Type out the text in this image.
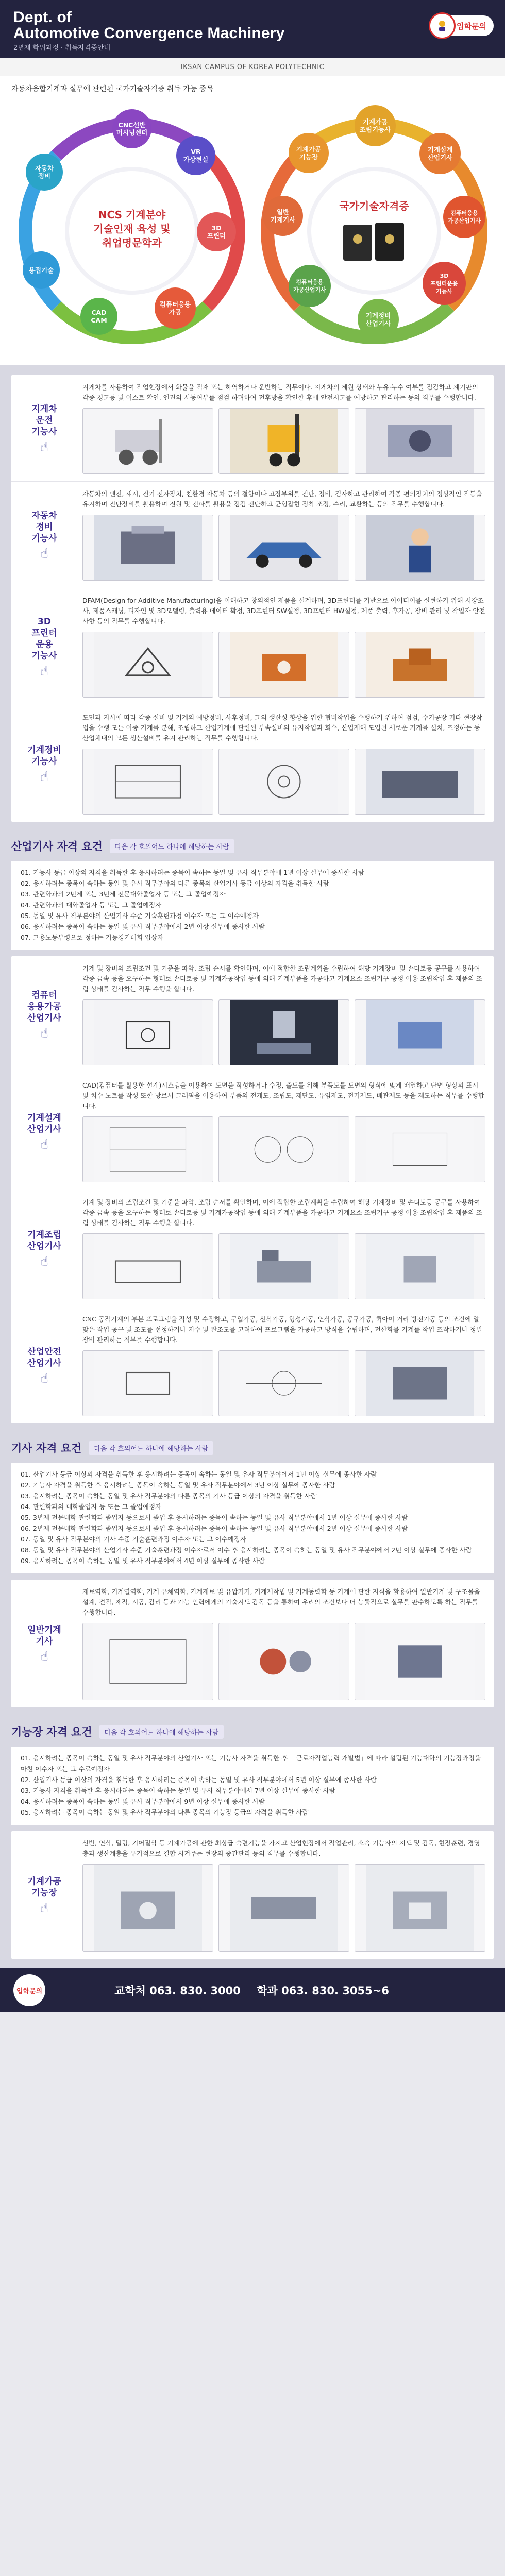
Dept. of
Automotive Convergence Machinery
2년제 학위과정 · 취득자격증안내
입학문의
IKSAN CAMPUS OF KOREA POLYTECHNIC
자동차융합기계과 실무에 관련된 국가기술자격증 취득 가능 종목
NCS 기계분야
기술인재 육성 및
취업명문학과
CNC선반 머시닝센터
VR
가상현실
3D
프린터
컴퓨터응용가공
CAD
CAM
용접기술
자동차
정비
국가기술자격증
기계가공
조립기능사
기계설계
산업기사
컴퓨터응용
가공산업기사
3D
프린터운용
기능사
기계정비
산업기사
컴퓨터응용
가공산업기사
일반
기계기사
기계가공
기능장
지게차
운전
기능사
☝

지게차를 사용하여 작업현장에서 화물을 적재 또는 하역하거나 운반하는 직무이다. 지게차의 제원 상태와 누유·누수 여부를 점검하고 계기판의 각종 경고등 및 이스트 확인. 엔진의 시동여부를 점검 하며하여 전후방을 확인한 후에 안전시고를 예방하고 관리하는 등의 직무를 수행합니다.

자동차
정비
기능사
☝

자동차의 엔진, 섀시, 전기 전자장치, 친환경 자동차 등의 결함이나 고장부위를 진단, 정비, 검사하고 관리하여 각종 편의장치의 정상작인 작동을 유지하며 진단장비를 활용하며 전원 및 전파를 활용을 점검 진단하고 균형잡힌 정착 조정, 수리, 교환하는 등의 직무를 수행합니다.

3D
프린터
운용
기능사
☝

DFAM(Design for Additive Manufacturing)을 이해하고 창의적인 제품을 설계하며, 3D프린터를 기반으로 아이디어를 실현하기 위해 시장조사, 제품스캐닝, 디자인 및 3D모델링, 출력용 데이터 확정, 3D프린터 SW설정, 3D프린터 HW설정, 제품 출력, 후가공, 장비 관리 및 작업자 안전사항 등의 직무를 수행합니다.

기계정비
기능사
☝

도면과 지시에 따라 각종 설비 및 기계의 예방정비, 사후정비, 그외 생산성 향상을 위한 협비작업을 수행하기 위하여 점검, 수거공장 기타 현장작업을 수행 모든 이종 기계를 분해, 조립하고 산업기계에 관련된 부속설비의 유지작업과 회수, 산업재해 도입된 새로운 기계를 설치, 조정하는 등 산업체내의 모든 생산설비를 유지 관리하는 직무를 수행합니다.

산업기사 자격 요건	다음 각 호의어느 하나에 해당하는 사람
01. 기능사 등급 이상의 자격을 취득한 후 응시하려는 종목이 속하는 동일 및 유사 직무분야에 1년 이상 실무에 종사한 사람
02. 응시하려는 종목이 속하는 동일 및 유사 직무분야의 다른 종목의 산업기사 등급 이상의 자격을 취득한 사람
03. 관련학과의 2년제 또는 3년제 전문대학졸업자 등 또는 그 졸업예정자
04. 관련학과의 대학졸업자 등 또는 그 졸업예정자
05. 동일 및 유사 직무분야의 산업기사 수준 기술훈련과정 이수자 또는 그 이수예정자
06. 응시하려는 종목이 속하는 동일 및 유사 직무분야에서 2년 이상 실무에 종사한 사람
07. 고용노동부령으로 정하는 기능경기대회 입상자
컴퓨터
응용가공
산업기사
☝

기계 및 장비의 조립조건 및 기준을 파악, 조립 순서를 확인하며, 이에 적합한 조립계획을 수립하여 해당 기계장비 및 손디토등 공구를 사용하여 각종 금속 등을 요구하는 형태로 손디토등 및 기계가공작업 등에 의해 기계부품을 가공하고 기계요소 조립기구 공정 이용 조립작업 후 제품의 조립 상태를 검사하는 직무 수행을 합니다.

기계설계
산업기사
☝

CAD(컴퓨터를 활용한 설계)시스템을 이용하여 도면을 작성하거나 수정, 출도를 위해 부품도를 도면의 형식에 맞게 배열하고 단면 형상의 표시 및 치수 노트를 작성 또한 방르서 그래픽을 이용하여 부품의 전개도, 조립도, 제단도, 유임제도, 전기제도, 배관제도 등을 제도하는 직무를 수행합니다.

기계조립
산업기사
☝

기계 및 장비의 조립조건 및 기준을 파악, 조립 순서를 확인하며, 이에 적합한 조립계획을 수립하여 해당 기계장비 및 손디토등 공구를 사용하여 각종 금속 등을 요구하는 형태로 손디토등 및 기계가공작업 등에 의해 기계부품을 가공하고 기계요소 조립기구 공정 이용 조립작업 후 제품의 조립 상태를 검사하는 직무 수행을 합니다.

산업안전
산업기사
☝

CNC 공작기계의 부분 프로그램을 작성 및 수정하고, 구입가공, 선삭가공, 형성가공, 연삭가공, 공구가공, 퀵아이 거리 방전가공 등의 조건에 알맞은 작업 공구 및 조도를 선정하거나 지수 및 완조도를 고려하여 프로그램을 가공하고 방식을 수립하며, 전산화를 기계를 작업 조작하거나 정밀 장비 관리하는 직무를 수행합니다.

기사 자격 요건	다음 각 호의어느 하나에 해당하는 사람
01. 산업기사 등급 이상의 자격을 취득한 후 응시하려는 종목이 속하는 동일 및 유사 직무분야에서 1년 이상 실무에 종사한 사람
02. 기능사 자격을 취득한 후 응시하려는 종목이 속하는 동일 및 유사 직무분야에서 3년 이상 실무에 종사한 사람
03. 응시하려는 종목이 속하는 동일 및 유사 직무분야의 다른 종목의 기사 등급 이상의 자격을 취득한 사람
04. 관련학과의 대학졸업자 등 또는 그 졸업예정자
05. 3년제 전문대학 관련학과 졸업자 등으로서 졸업 후 응시하려는 종목이 속하는 동일 및 유사 직무분야에서 1년 이상 실무에 종사한 사람
06. 2년제 전문대학 관련학과 졸업자 등으로서 졸업 후 응시하려는 종목이 속하는 동일 및 유사 직무분야에서 2년 이상 실무에 종사한 사람
07. 동일 및 유사 직무분야의 기사 수준 기술훈련과정 이수자 또는 그 이수예정자
08. 동일 및 유사 직무분야의 산업기사 수준 기술훈련과정 이수자로서 이수 후 응시하려는 종목이 속하는 동일 및 유사 직무분야에서 2년 이상 실무에 종사한 사람
09. 응시하려는 종목이 속하는 동일 및 유사 직무분야에서 4년 이상 실무에 종사한 사람
일반기계
기사
☝

재료역학, 기계열역학, 기계 유체역학, 기계재료 및 유압기기, 기계제작법 및 기계동력학 등 기계에 관한 지식을 활용하여 일반기계 및 구조물을 설계, 견적, 제작, 시공, 감리 등과 가능 인력에게의 기술지도 감독 등을 통하여 우리의 조건보다 더 능률적으로 실무를 판수하도록 하는 직무를 수행합니다.

기능장 자격 요건	다음 각 호의어느 하나에 해당하는 사람
01. 응시하려는 종목이 속하는 동일 및 유사 직무분야의 산업기사 또는 기능사 자격을 취득한 후 「근로자직업능력 개발법」에 따라 설립된 기능대학의 기능장과정을 마친 이수자 또는 그 수료예정자
02. 산업기사 등급 이상의 자격을 취득한 후 응시하려는 종목이 속하는 동일 및 유사 직무분야에서 5년 이상 실무에 종사한 사람
03. 기능사 자격을 취득한 후 응시하려는 종목이 속하는 동일 및 유사 직무분야에서 7년 이상 실무에 종사한 사람
04. 응시하려는 종목이 속하는 동일 및 유사 직무분야에서 9년 이상 실무에 종사한 사람
05. 응시하려는 종목이 속하는 동일 및 유사 직무분야의 다른 종목의 기능장 등급의 자격을 취득한 사람
기계가공
기능장
☝

선반, 연삭, 밀링, 기어절삭 등 기계가공에 관한 최상급 숙련기능을 가지고 산업현장에서 작업관리, 소속 기능자의 지도 및 감독, 현장훈련, 경영층과 생산계층을 유기적으로 결합 시켜주는 현장의 중간관리 등의 직무를 수행합니다.

입학문의	교학처 063. 830. 3000 학과 063. 830. 3055~6
